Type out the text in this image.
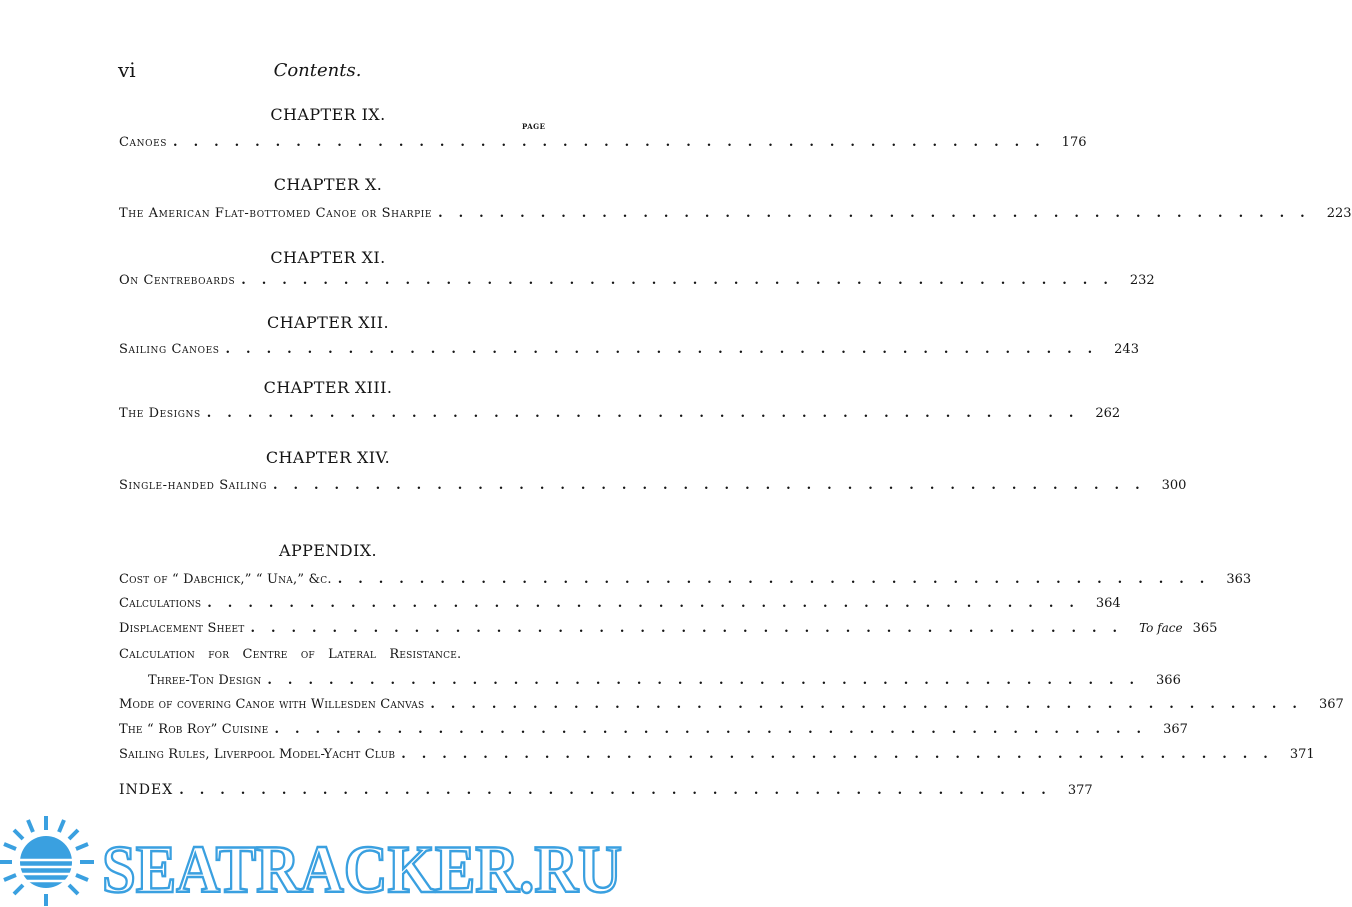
vi	Contents.
CHAPTER IX.
PAGE
Canoes ........................................... 176
CHAPTER X.
The American Flat-bottomed Canoe or Sharpie ........................................... 223
CHAPTER XI.
On Centreboards ........................................... 232
CHAPTER XII.
Sailing Canoes ........................................... 243
CHAPTER XIII.
The Designs ........................................... 262
CHAPTER XIV.
Single-handed Sailing ........................................... 300
APPENDIX.
Cost of “ Dabchick,” “ Una,” &c. ........................................... 363
Calculations ........................................... 364
Displacement Sheet ........................................... To face 365
Calculation for Centre of Lateral Resistance.
Three-Ton Design ........................................... 366
Mode of covering Canoe with Willesden Canvas ........................................... 367
The “ Rob Roy” Cuisine ........................................... 367
Sailing Rules, Liverpool Model-Yacht Club ........................................... 371
INDEX ........................................... 377
SEATRACKER.RU
